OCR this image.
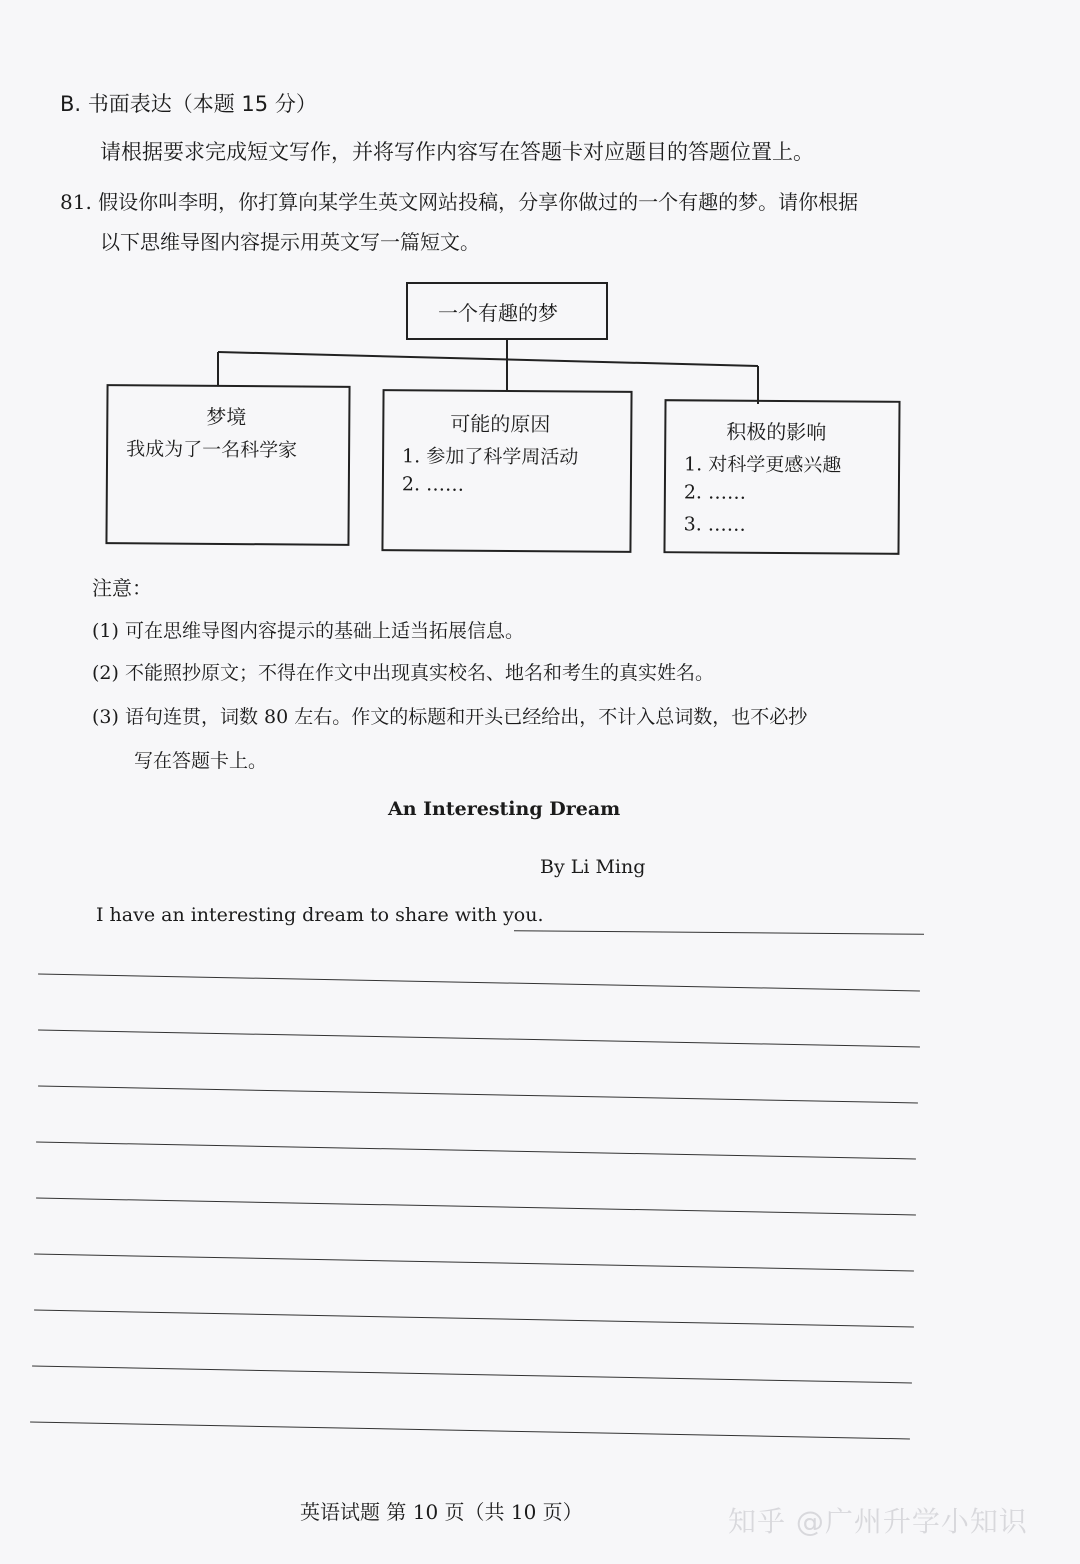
B. 书面表达（本题 15 分）
请根据要求完成短文写作，并将写作内容写在答题卡对应题目的答题位置上。
81. 假设你叫李明，你打算向某学生英文网站投稿，分享你做过的一个有趣的梦。请你根据
以下思维导图内容提示用英文写一篇短文。
一个有趣的梦
梦境
我成为了一名科学家
可能的原因
1. 参加了科学周活动
2. ……
积极的影响
1. 对科学更感兴趣
2. ……
3. ……
注意：
(1) 可在思维导图内容提示的基础上适当拓展信息。
(2) 不能照抄原文；不得在作文中出现真实校名、地名和考生的真实姓名。
(3) 语句连贯，词数 80 左右。作文的标题和开头已经给出，不计入总词数，也不必抄
写在答题卡上。
An Interesting Dream
By Li Ming
I have an interesting dream to share with you.
英语试题 第 10 页（共 10 页）	知乎 @广州升学小知识
